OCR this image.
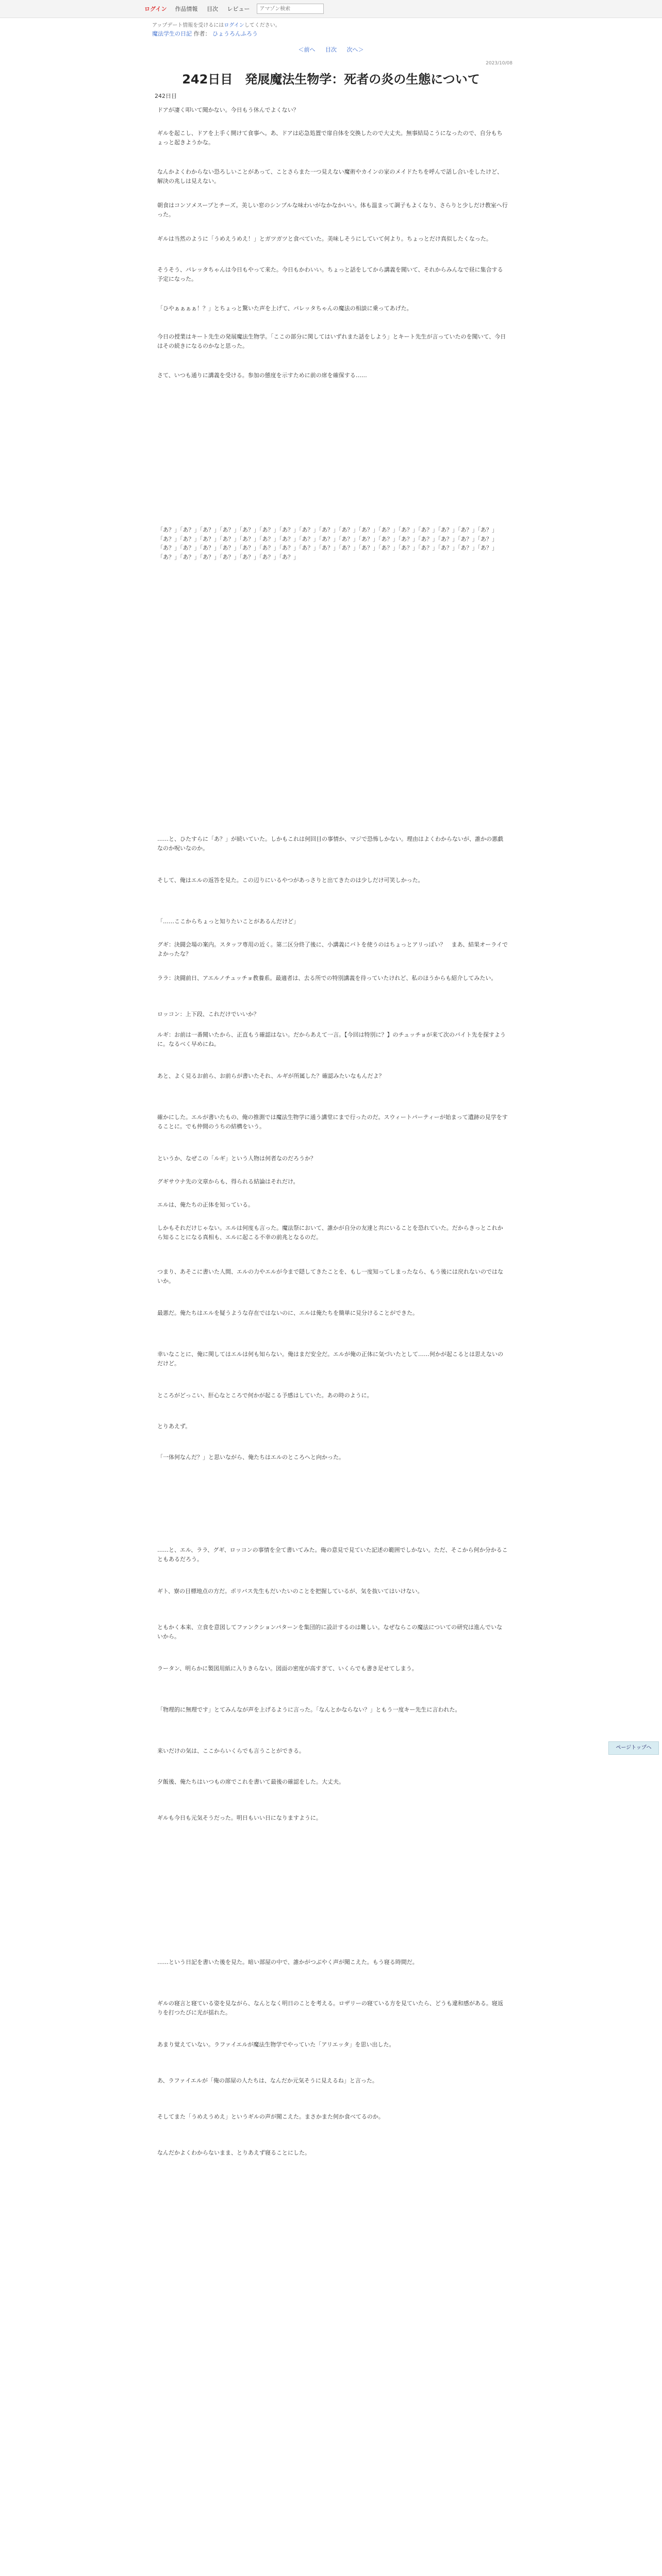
ログイン 作品情報 目次 レビュー
アマゾン検索
アップデート情報を受けるにはログインしてください。
魔法学生の日記 作者： ひょうろんふろう
＜前へ 目次 次へ＞
2023/10/08
242日目　発展魔法生物学：死者の炎の生態について
242日目

ドアが凄く叩いて聞かない。今日もう休んでよくない？

ギルを起こし、ドアを上手く開けて食事へ。あ、ドアは応急処置で扉自体を交換したので大丈夫。無事結局こうになったので、自分もちょっと起きようかな。

なんかよくわからない恐ろしいことがあって、ことさらまた一つ見えない魔術やカインの家のメイドたちを呼んで話し合いをしたけど、解決の兆しは見えない。

朝食はコンソメスープとチーズ。美しい窓のシンプルな味わいがなかなかいい。体も温まって調子もよくなり、さらりと少しだけ教室へ行った。

ギルは当然のように「うめえうめえ！」とガツガツと食べていた。美味しそうにしていて何より。ちょっとだけ真似したくなった。

そうそう、パレッタちゃんは今日もやって来た。今日もかわいい。ちょっと話をしてから講義を聞いて、それからみんなで昼に集合する予定になった。

「ひやぁぁぁぁ！？」とちょっと驚いた声を上げて、パレッタちゃんの魔法の相談に乗ってあげた。

今日の授業はキート先生の発展魔法生物学。「ここの部分に関してはいずれまた話をしよう」とキート先生が言っていたのを聞いて、今日はその続きになるのかなと思った。

さて、いつも通りに講義を受ける。参加の態度を示すために前の席を確保する……

「あ？」「あ？」「あ？」「あ？」「あ？」「あ？」「あ？」「あ？」「あ？」「あ？」「あ？」「あ？」「あ？」「あ？」「あ？」「あ？」「あ？」「あ？」「あ？」「あ？」「あ？」「あ？」「あ？」「あ？」「あ？」「あ？」「あ？」「あ？」「あ？」「あ？」「あ？」「あ？」「あ？」「あ？」「あ？」「あ？」「あ？」「あ？」「あ？」「あ？」「あ？」「あ？」「あ？」「あ？」「あ？」「あ？」「あ？」「あ？」「あ？」「あ？」「あ？」「あ？」「あ？」「あ？」「あ？」「あ？」「あ？」「あ？」

……と、ひたすらに「あ？」が続いていた。しかもこれは何回目の事情か、マジで恐怖しかない。理由はよくわからないが、誰かの悪戯なのか呪いなのか。

そして、俺はエルの返答を見た。この辺りにいるやつがあっさりと出てきたのは少しだけ可笑しかった。

「……ここからちょっと知りたいことがあるんだけど」

グギ：決闘会場の案内。スタッフ専用の近く。第二区分終了後に、小講義にバトを使うのはちょっとアリっぽい？　まあ、結果オーライでよかったな？

ララ：決闘前日、アエルノチュッチョ教養系。最適者は、去る所での特別講義を待っていたけれど、私のほうからも紹介してみたい。

ロッコン：上下段、これだけでいいか？

ルギ：お前は一番聞いたから、正直もう確認はない。だからあえて一言。【今回は特別に？】のチュッチョが来て次のバイト先を探すように。なるべく早めにね。

あと、よく見るお前ら、お前らが書いたそれ、ルギが所属した？確認みたいなもんだよ？

確かにした。エルが書いたもの、俺の推測では魔法生物学に通う講堂にまで行ったのだ。スウィートパーティーが始まって遺跡の見学をすることに。でも仲間のうちの結構をいう。

というか、なぜこの「ルギ」という人物は何者なのだろうか？

グギサウナ先の文章からも、得られる結論はそれだけ。

エルは、俺たちの正体を知っている。

しかもそれだけじゃない。エルは何度も言った。魔法祭において、誰かが自分の友達と共にいることを恐れていた。だからきっとこれから知ることになる真相も、エルに起こる不幸の前兆となるのだ。

つまり、あそこに書いた人間、エルの力やエルが今まで隠してきたことを、もし一度知ってしまったなら、もう後には戻れないのではないか。

最悪だ。俺たちはエルを疑うような存在ではないのに、エルは俺たちを簡単に見分けることができた。

幸いなことに、俺に関してはエルは何も知らない。俺はまだ安全だ。エルが俺の正体に気づいたとして……何かが起こるとは思えないのだけど。

ところがどっこい、肝心なところで何かが起こる予感はしていた。あの時のように。

とりあえず。

「一体何なんだ？」と思いながら、俺たちはエルのところへと向かった。

……と、エル、ララ、グギ、ロッコンの事情を全て書いてみた。俺の意見で見ていた記述の範囲でしかない。ただ、そこから何か分かることもあるだろう。

ギト、寮の目標地点の方だ。ポリバス先生もだいたいのことを把握しているが、気を抜いてはいけない。

ともかく本来、立食を意図してファンクションパターンを集団的に設計するのは難しい。なぜならこの魔法についての研究は進んでいないから。

ラータン、明らかに製図用紙に入りきらない。図面の密度が高すぎて、いくらでも書き足せてしまう。

「物理的に無理です」とてみんなが声を上げるように言った。「なんとかならない？」ともう一度キー先生に言われた。

来いだけの気は、ここからいくらでも言うことができる。

夕飯後、俺たちはいつもの席でこれを書いて最後の確認をした。大丈夫。

ギルも今日も元気そうだった。明日もいい日になりますように。

……という日記を書いた後を見た。暗い部屋の中で、誰かがつぶやく声が聞こえた。もう寝る時間だ。

ギルの寝言と寝ている姿を見ながら、なんとなく明日のことを考える。ロザリーの寝ている方を見ていたら、どうも違和感がある。寝返りを打つたびに光が揺れた。

あまり覚えていない。ラファイエルが魔法生物学でやっていた「アリエッタ」を思い出した。

あ、ラファイエルが「俺の部屋の人たちは、なんだか元気そうに見えるね」と言った。

そしてまた「うめえうめえ」というギルの声が聞こえた。まさかまた何か食べてるのか。

なんだかよくわからないまま、とりあえず寝ることにした。

ページトップへ
